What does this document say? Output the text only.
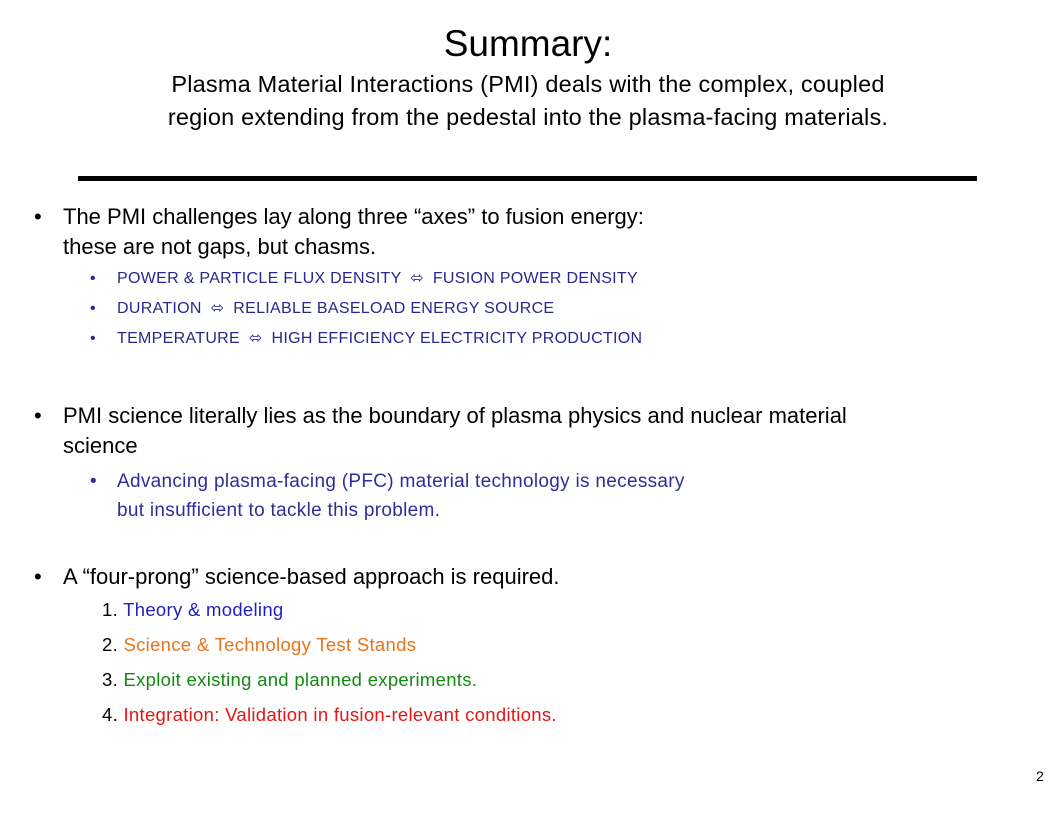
Summary:
Plasma Material Interactions (PMI) deals with the complex, coupled
region extending from the pedestal into the plasma-facing materials.
• The PMI challenges lay along three “axes” to fusion energy:
these are not gaps, but chasms.
• POWER & PARTICLE FLUX DENSITY ⬄ FUSION POWER DENSITY
• DURATION ⬄ RELIABLE BASELOAD ENERGY SOURCE
• TEMPERATURE ⬄ HIGH EFFICIENCY ELECTRICITY PRODUCTION
• PMI science literally lies as the boundary of plasma physics and nuclear material
science
• Advancing plasma-facing (PFC) material technology is necessary
but insufficient to tackle this problem.
• A “four-prong” science-based approach is required.
1. Theory & modeling
2. Science & Technology Test Stands
3. Exploit existing and planned experiments.
4. Integration: Validation in fusion-relevant conditions.
2
